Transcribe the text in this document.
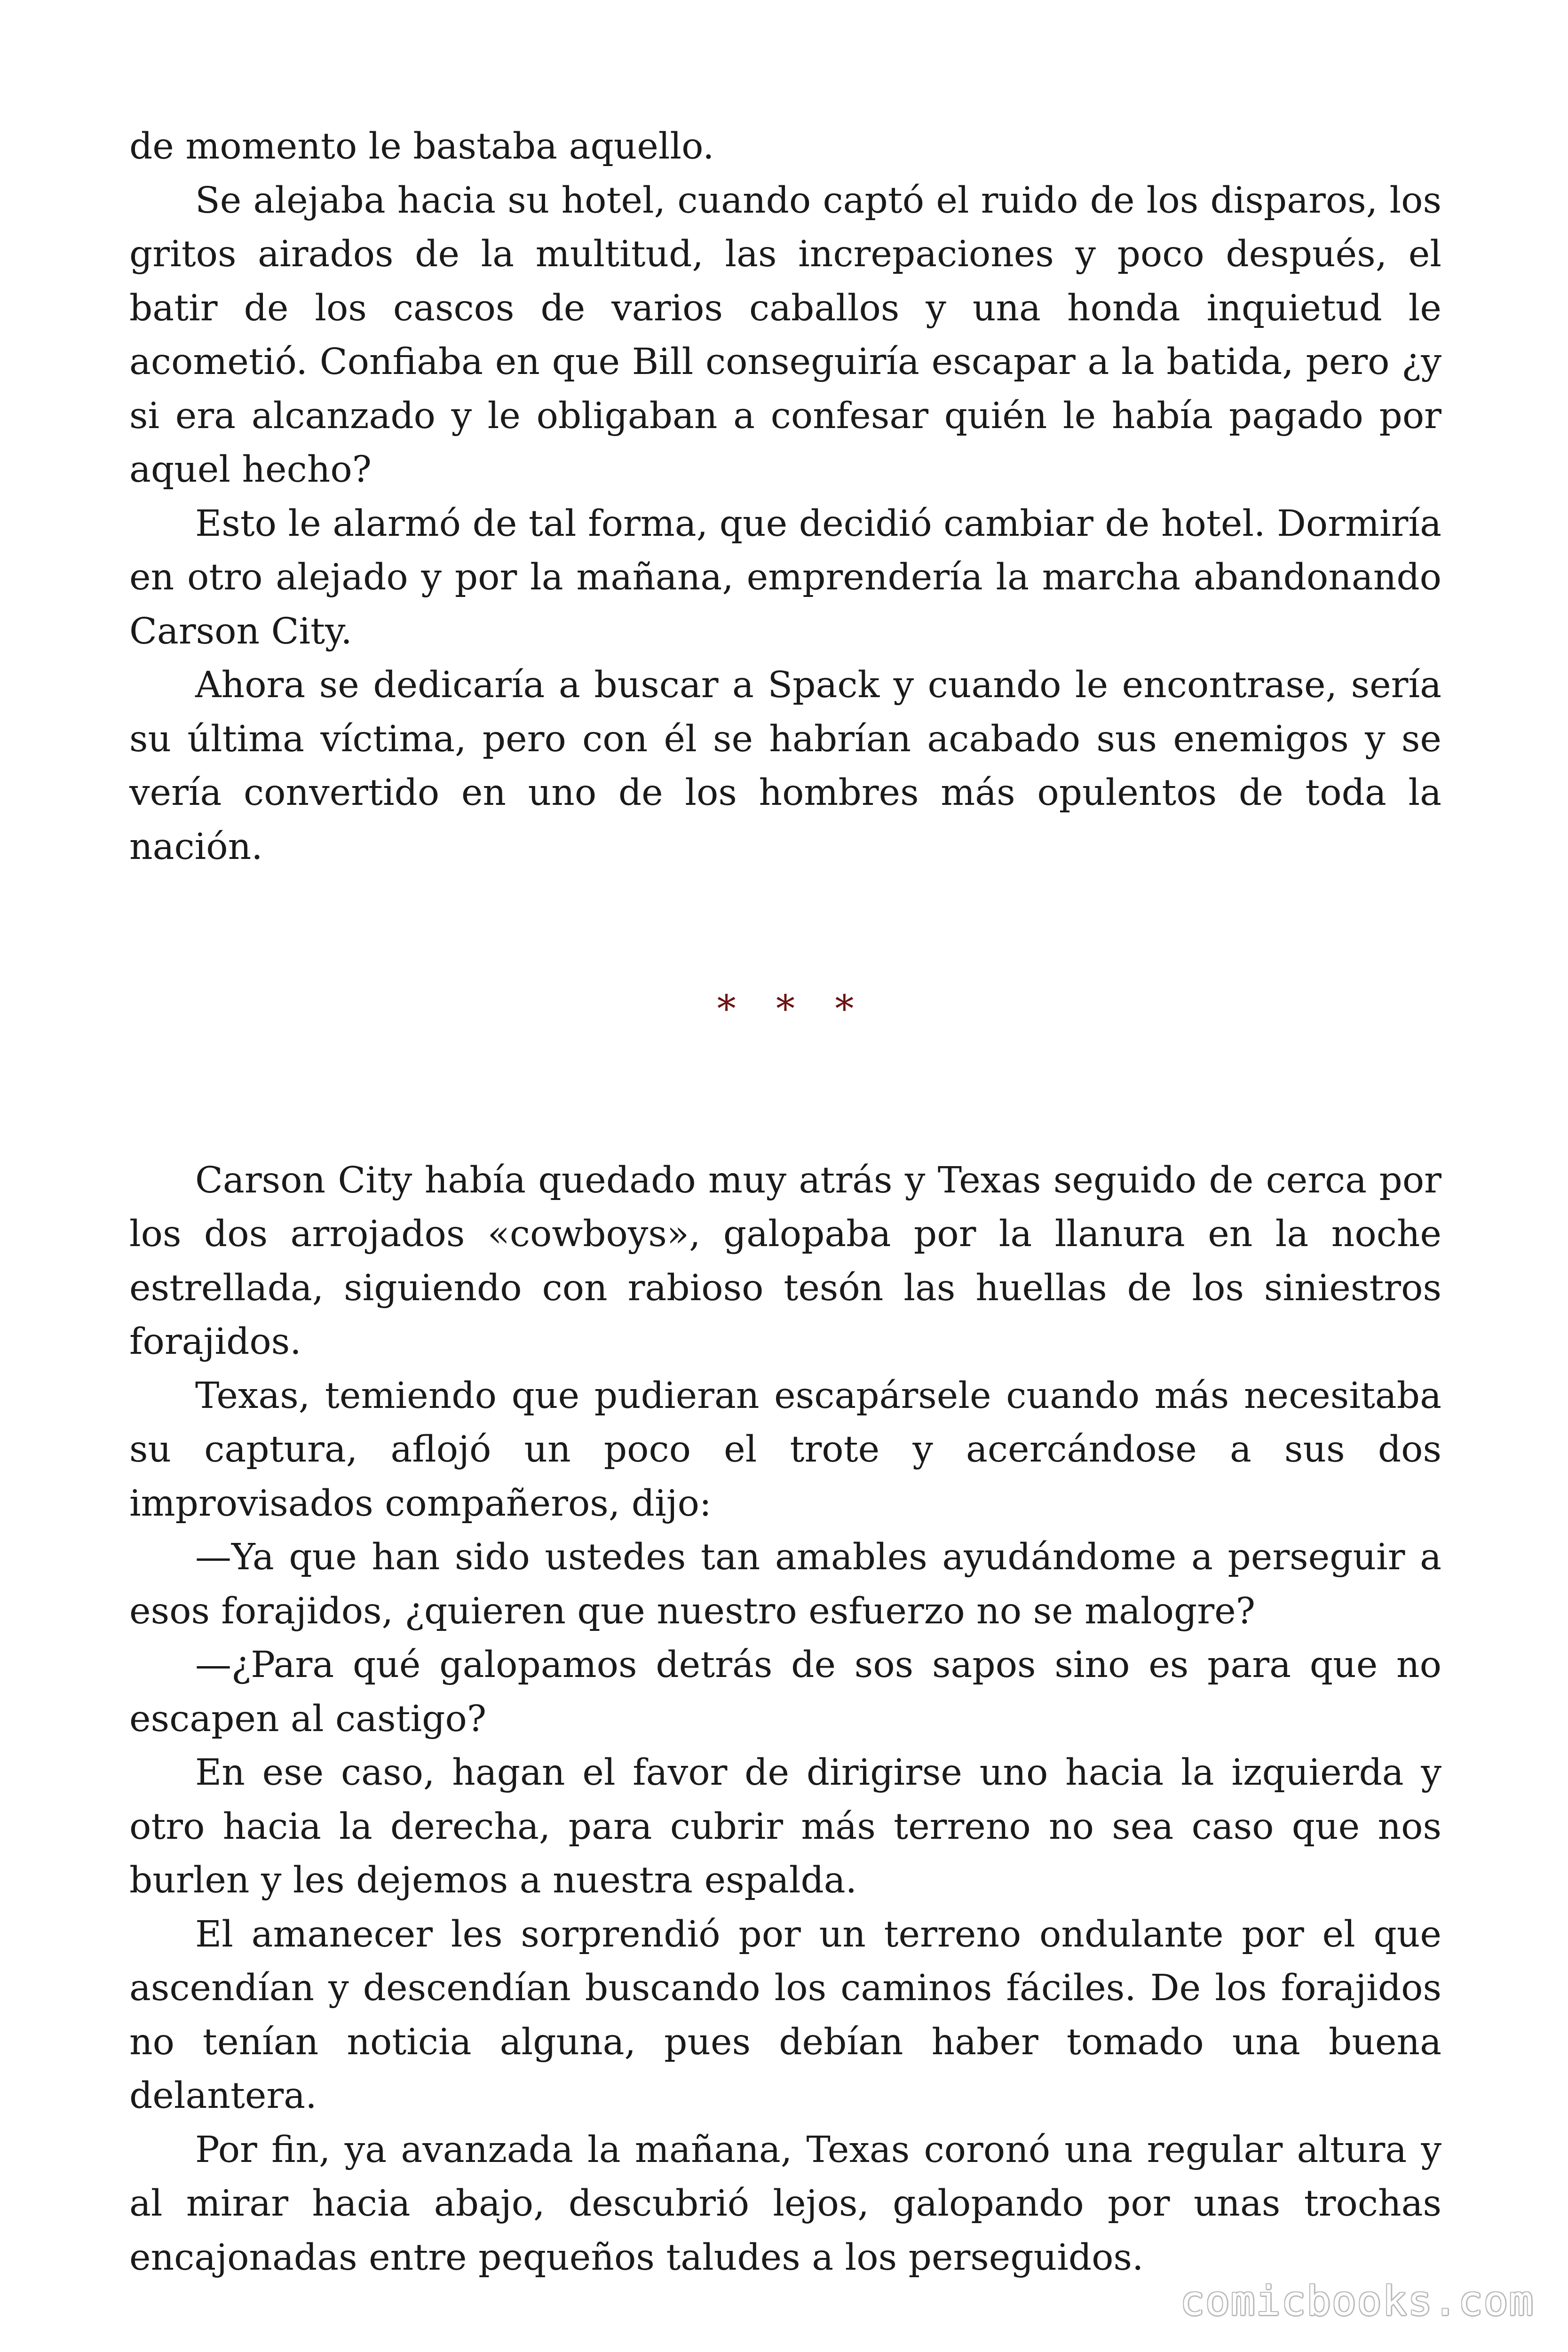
de momento le bastaba aquello.

Se alejaba hacia su hotel, cuando captó el ruido de los disparos, los gritos airados de la multitud, las increpaciones y poco después, el batir de los cascos de varios caballos y una honda inquietud le acometió. Confiaba en que Bill conseguiría escapar a la batida, pero ¿y si era alcanzado y le obligaban a confesar quién le había pagado por aquel hecho?

Esto le alarmó de tal forma, que decidió cambiar de hotel. Dormiría en otro alejado y por la mañana, emprendería la marcha abandonando Carson City.

Ahora se dedicaría a buscar a Spack y cuando le encontrase, sería su última víctima, pero con él se habrían acabado sus enemigos y se vería convertido en uno de los hombres más opulentos de toda la nación.

* * *

Carson City había quedado muy atrás y Texas seguido de cerca por los dos arrojados «cowboys», galopaba por la llanura en la noche estrellada, siguiendo con rabioso tesón las huellas de los siniestros forajidos.

Texas, temiendo que pudieran escapársele cuando más necesitaba su captura, aflojó un poco el trote y acercándose a sus dos improvisados compañeros, dijo:

—Ya que han sido ustedes tan amables ayudándome a perseguir a esos forajidos, ¿quieren que nuestro esfuerzo no se malogre?

—¿Para qué galopamos detrás de sos sapos sino es para que no escapen al castigo?

En ese caso, hagan el favor de dirigirse uno hacia la izquierda y otro hacia la derecha, para cubrir más terreno no sea caso que nos burlen y les dejemos a nuestra espalda.

El amanecer les sorprendió por un terreno ondulante por el que ascendían y descendían buscando los caminos fáciles. De los forajidos no tenían noticia alguna, pues debían haber tomado una buena delantera.

Por fin, ya avanzada la mañana, Texas coronó una regular altura y al mirar hacia abajo, descubrió lejos, galopando por unas trochas encajonadas entre pequeños taludes a los perseguidos.

comicbooks.com
